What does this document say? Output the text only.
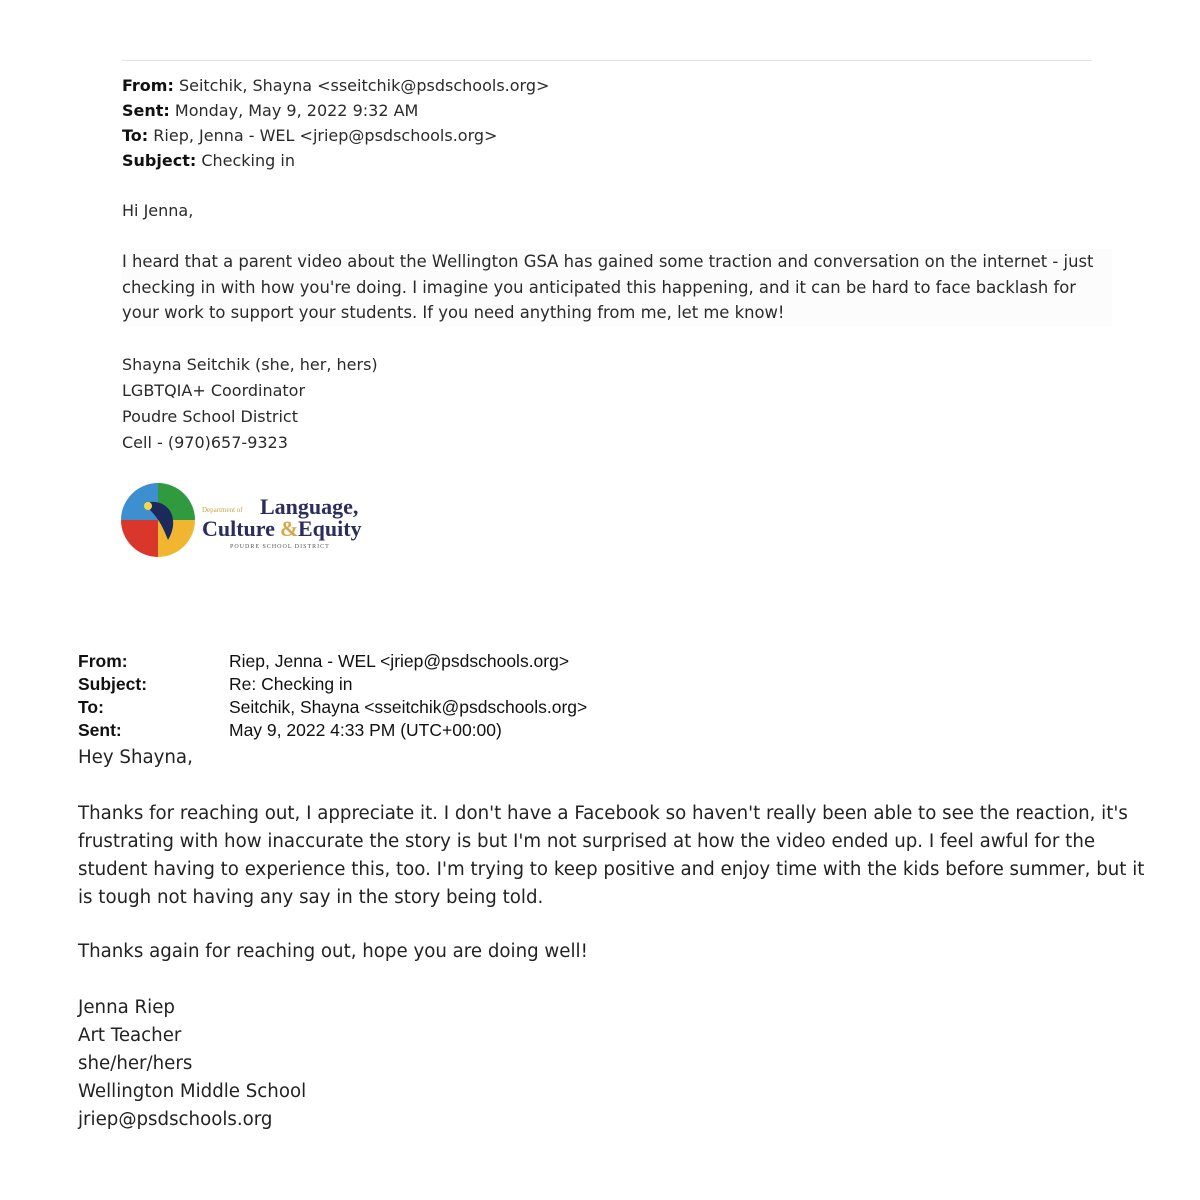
From: Seitchik, Shayna <sseitchik@psdschools.org>
Sent: Monday, May 9, 2022 9:32 AM
To: Riep, Jenna - WEL <jriep@psdschools.org>
Subject: Checking in
Hi Jenna,
I heard that a parent video about the Wellington GSA has gained some traction and conversation on the internet - just checking in with how you're doing. I imagine you anticipated this happening, and it can be hard to face backlash for your work to support your students. If you need anything from me, let me know!
Shayna Seitchik (she, her, hers)
LGBTQIA+ Coordinator
Poudre School District
Cell - (970)657-9323
Department of Language,
Culture & Equity
POUDRE SCHOOL DISTRICT
From:	Riep, Jenna - WEL <jriep@psdschools.org>
Subject:	Re: Checking in
To:	Seitchik, Shayna <sseitchik@psdschools.org>
Sent:	May 9, 2022 4:33 PM (UTC+00:00)
Hey Shayna,
Thanks for reaching out, I appreciate it. I don't have a Facebook so haven't really been able to see the reaction, it's frustrating with how inaccurate the story is but I'm not surprised at how the video ended up. I feel awful for the student having to experience this, too. I'm trying to keep positive and enjoy time with the kids before summer, but it is tough not having any say in the story being told.
Thanks again for reaching out, hope you are doing well!
Jenna Riep
Art Teacher
she/her/hers
Wellington Middle School
jriep@psdschools.org
